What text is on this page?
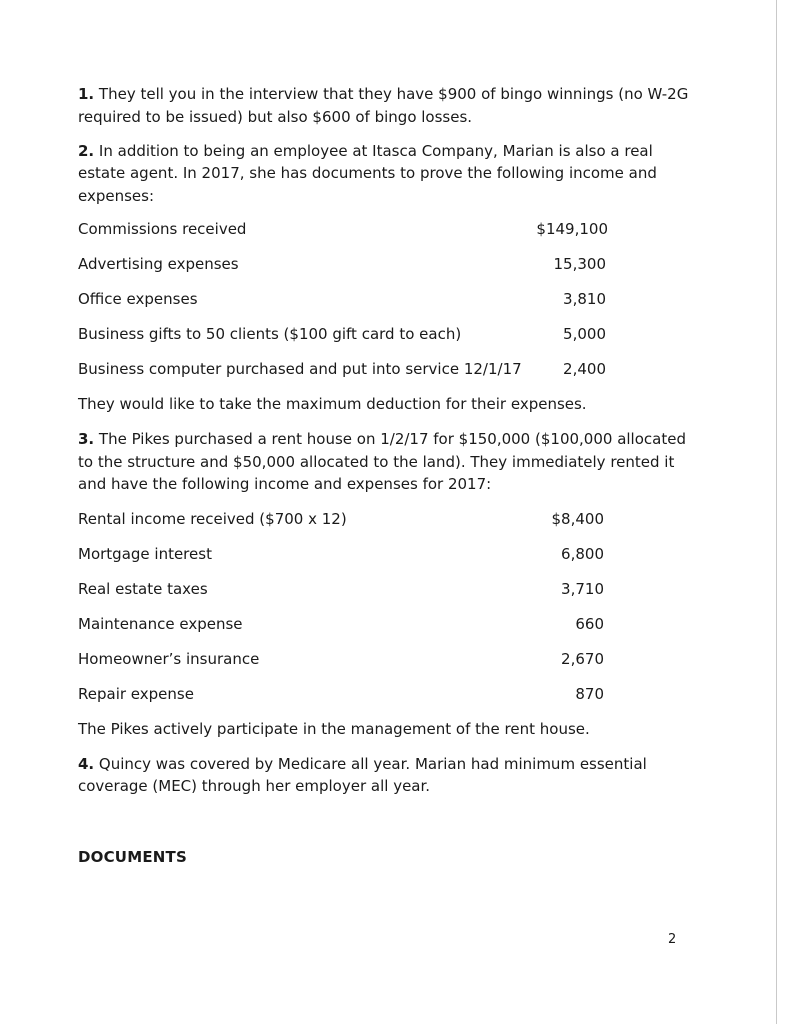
1. They tell you in the interview that they have $900 of bingo winnings (no W-2G
required to be issued) but also $600 of bingo losses.
2. In addition to being an employee at Itasca Company, Marian is also a real
estate agent. In 2017, she has documents to prove the following income and
expenses:
Commissions received	$149,100
Advertising expenses	15,300
Office expenses	3,810
Business gifts to 50 clients ($100 gift card to each)	5,000
Business computer purchased and put into service 12/1/17	2,400
They would like to take the maximum deduction for their expenses.
3. The Pikes purchased a rent house on 1/2/17 for $150,000 ($100,000 allocated
to the structure and $50,000 allocated to the land). They immediately rented it
and have the following income and expenses for 2017:
Rental income received ($700 x 12)	$8,400
Mortgage interest	6,800
Real estate taxes	3,710
Maintenance expense	660
Homeowner’s insurance	2,670
Repair expense	870
The Pikes actively participate in the management of the rent house.
4. Quincy was covered by Medicare all year. Marian had minimum essential
coverage (MEC) through her employer all year.
DOCUMENTS
2
